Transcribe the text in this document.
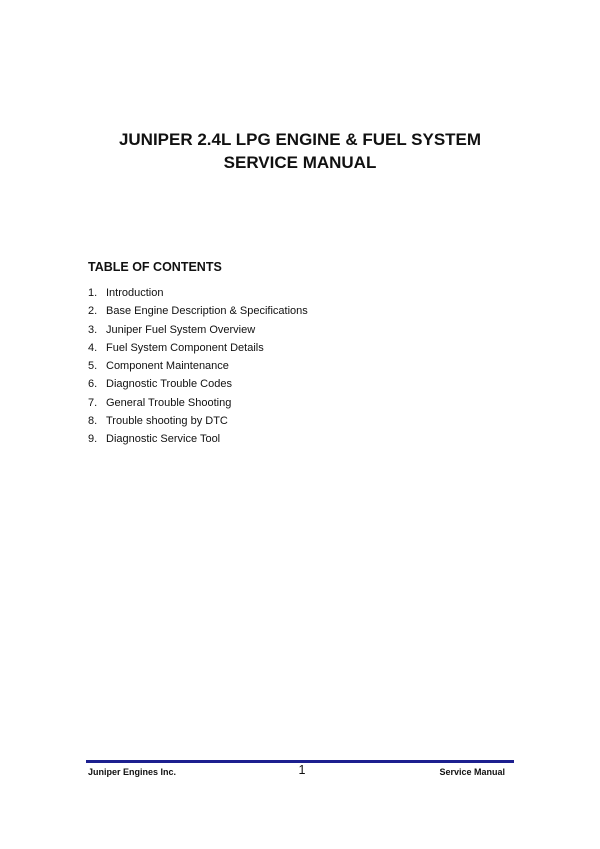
JUNIPER 2.4L LPG ENGINE & FUEL SYSTEM
SERVICE MANUAL
TABLE OF CONTENTS
1. Introduction
2. Base Engine Description & Specifications
3. Juniper Fuel System Overview
4. Fuel System Component Details
5. Component Maintenance
6. Diagnostic Trouble Codes
7. General Trouble Shooting
8. Trouble shooting by DTC
9. Diagnostic Service Tool
Juniper Engines Inc.	1	Service Manual
